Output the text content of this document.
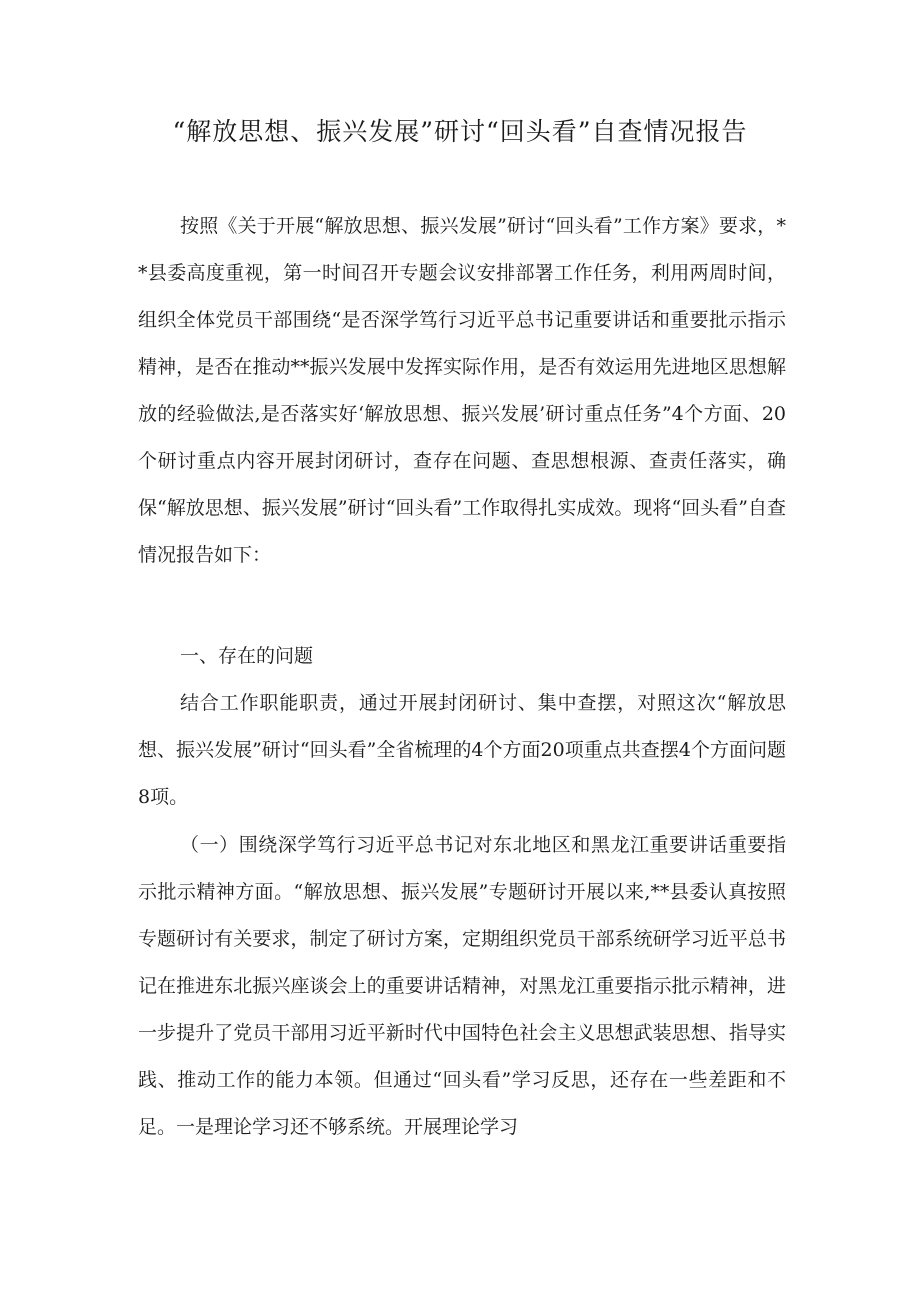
“解放思想、振兴发展”研讨“回头看”自查情况报告
按照《关于开展“解放思想、振兴发展”研讨“回头看”工作方案》要求，**县委高度重视，第一时间召开专题会议安排部署工作任务，利用两周时间，组织全体党员干部围绕“是否深学笃行习近平总书记重要讲话和重要批示指示精神，是否在推动**振兴发展中发挥实际作用，是否有效运用先进地区思想解放的经验做法,是否落实好‘解放思想、振兴发展’研讨重点任务”4个方面、20个研讨重点内容开展封闭研讨，查存在问题、查思想根源、查责任落实，确保“解放思想、振兴发展”研讨“回头看”工作取得扎实成效。现将“回头看”自查情况报告如下：
一、存在的问题
结合工作职能职责，通过开展封闭研讨、集中查摆，对照这次“解放思想、振兴发展”研讨“回头看”全省梳理的4个方面20项重点共查摆4个方面问题8项。
（一）围绕深学笃行习近平总书记对东北地区和黑龙江重要讲话重要指示批示精神方面。“解放思想、振兴发展”专题研讨开展以来,**县委认真按照专题研讨有关要求，制定了研讨方案，定期组织党员干部系统研学习近平总书记在推进东北振兴座谈会上的重要讲话精神，对黑龙江重要指示批示精神，进一步提升了党员干部用习近平新时代中国特色社会主义思想武装思想、指导实践、推动工作的能力本领。但通过“回头看”学习反思，还存在一些差距和不足。一是理论学习还不够系统。开展理论学习
